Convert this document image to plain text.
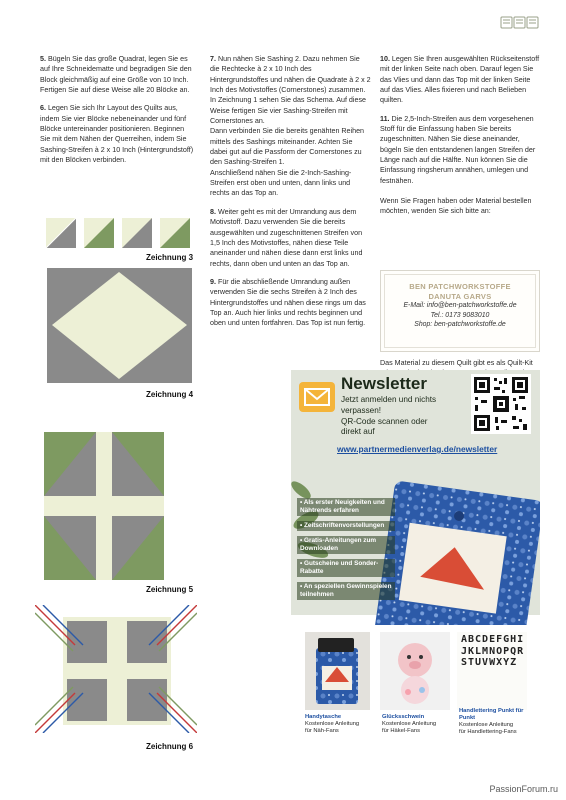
5. Bügeln Sie das große Quadrat, legen Sie es auf Ihre Schneidematte und begradigen Sie den Block gleichmäßig auf eine Größe von 10 Inch.
Fertigen Sie auf diese Weise alle 20 Blöcke an.

6. Legen Sie sich Ihr Layout des Quilts aus, indem Sie vier Blöcke nebeneinander und fünf Blöcke untereinander positionieren. Beginnen Sie mit dem Nähen der Querreihen, indem Sie Sashing-Streifen à 2 x 10 Inch (Hintergrundstoff) mit den Blöcken verbinden.

Zeichnung 3
Zeichnung 4
Zeichnung 5
Zeichnung 6

7. Nun nähen Sie Sashing 2. Dazu nehmen Sie die Rechtecke à 2 x 10 Inch des Hintergrundstoffes und nähen die Quadrate à 2 x 2 Inch des Motivstoffes (Cornerstones) zusammen. In Zeichnung 1 sehen Sie das Schema. Auf diese Weise fertigen Sie vier Sashing-Streifen mit Cornerstones an.

Dann verbinden Sie die bereits genähten Reihen mittels des Sashings miteinander. Achten Sie dabei gut auf die Passform der Cornerstones zu den Sashing-Streifen 1.

Anschließend nähen Sie die 2-Inch-Sashing-Streifen erst oben und unten, dann links und rechts an das Top an.

8. Weiter geht es mit der Umrandung aus dem Motivstoff. Dazu verwenden Sie die bereits ausgewählten und zugeschnittenen Streifen von 1,5 Inch des Motivstoffes, nähen diese Teile aneinander und nähen diese dann erst links und rechts, dann oben und unten an das Top an.

9. Für die abschließende Umrandung außen verwenden Sie die sechs Streifen à 2 Inch des Hintergrundstoffes und nähen diese rings um das Top an. Auch hier links und rechts beginnen und oben und unten fortfahren. Das Top ist nun fertig.

10. Legen Sie Ihren ausgewählten Rückseitenstoff mit der linken Seite nach oben. Darauf legen Sie das Vlies und dann das Top mit der linken Seite auf das Vlies. Alles fixieren und nach Belieben quilten.

11. Die 2,5-Inch-Streifen aus dem vorgesehenen Stoff für die Einfassung haben Sie bereits zugeschnitten. Nähen Sie diese aneinander, bügeln Sie den entstandenen langen Streifen der Länge nach auf die Hälfte. Nun können Sie die Einfassung ringsherum annähen, umlegen und festnähen.

Wenn Sie Fragen haben oder Material bestellen möchten, wenden Sie sich bitte an:

BEN PATCHWORKSTOFFE
DANUTA GARVS
E-Mail: info@ben-patchworkstoffe.de
Tel.: 0173 9083010
Shop: ben-patchworkstoffe.de
Das Material zu diesem Quilt gibt es als Quilt-Kit
Newsletter
Jetzt anmelden und nichts
verpassen!
QR-Code scannen oder
direkt auf
www.partnermedienverlag.de/newsletter
• Als erster Neuigkeiten und Nähtrends erfahren
• Zeitschriftenvorstellungen
• Gratis-Anleitungen zum Downloaden
• Gutscheine und Sonder-Rabatte
• An speziellen Gewinnspielen teilnehmen
ABCDEFGHIJKLMNOPQRSTUVWXYZ
Handytasche
Kostenlose Anleitung
für Näh-Fans
Glücksschwein
Kostenlose Anleitung
für Häkel-Fans
Handlettering Punkt für Punkt
Kostenlose Anleitung
für Handlettering-Fans
PassionForum.ru
